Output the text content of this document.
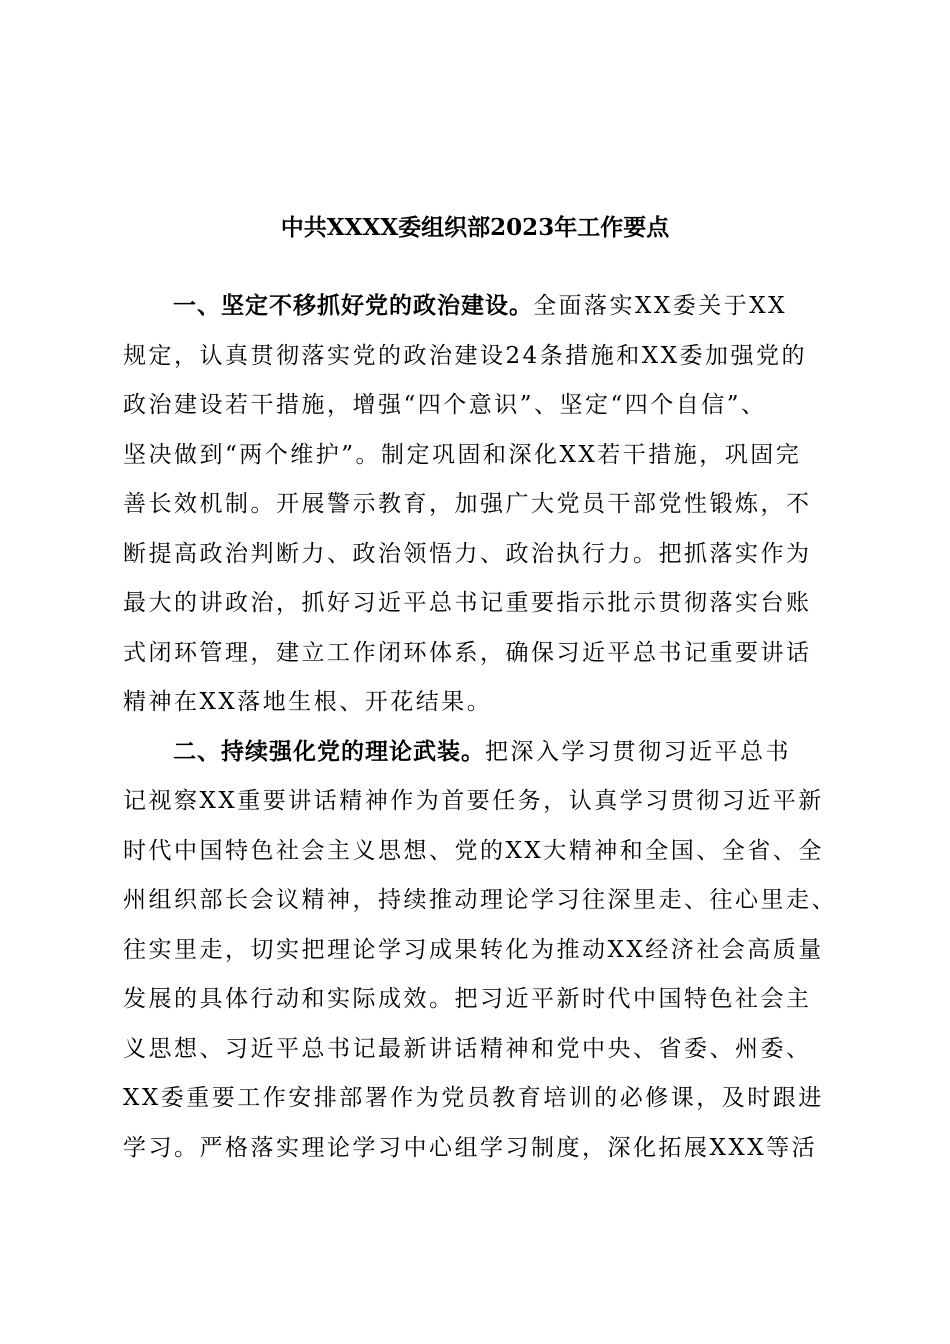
中共XXXX委组织部2023年工作要点
一、坚定不移抓好党的政治建设。全面落实XX委关于XX
规定，认真贯彻落实党的政治建设24条措施和XX委加强党的
政治建设若干措施，增强“四个意识”、坚定“四个自信”、
坚决做到“两个维护”。制定巩固和深化XX若干措施，巩固完
善长效机制。开展警示教育，加强广大党员干部党性锻炼，不
断提高政治判断力、政治领悟力、政治执行力。把抓落实作为
最大的讲政治，抓好习近平总书记重要指示批示贯彻落实台账
式闭环管理，建立工作闭环体系，确保习近平总书记重要讲话
精神在XX落地生根、开花结果。
二、持续强化党的理论武装。把深入学习贯彻习近平总书
记视察XX重要讲话精神作为首要任务，认真学习贯彻习近平新
时代中国特色社会主义思想、党的XX大精神和全国、全省、全
州组织部长会议精神，持续推动理论学习往深里走、往心里走、
往实里走，切实把理论学习成果转化为推动XX经济社会高质量
发展的具体行动和实际成效。把习近平新时代中国特色社会主
义思想、习近平总书记最新讲话精神和党中央、省委、州委、
XX委重要工作安排部署作为党员教育培训的必修课，及时跟进
学习。严格落实理论学习中心组学习制度，深化拓展XXX等活
